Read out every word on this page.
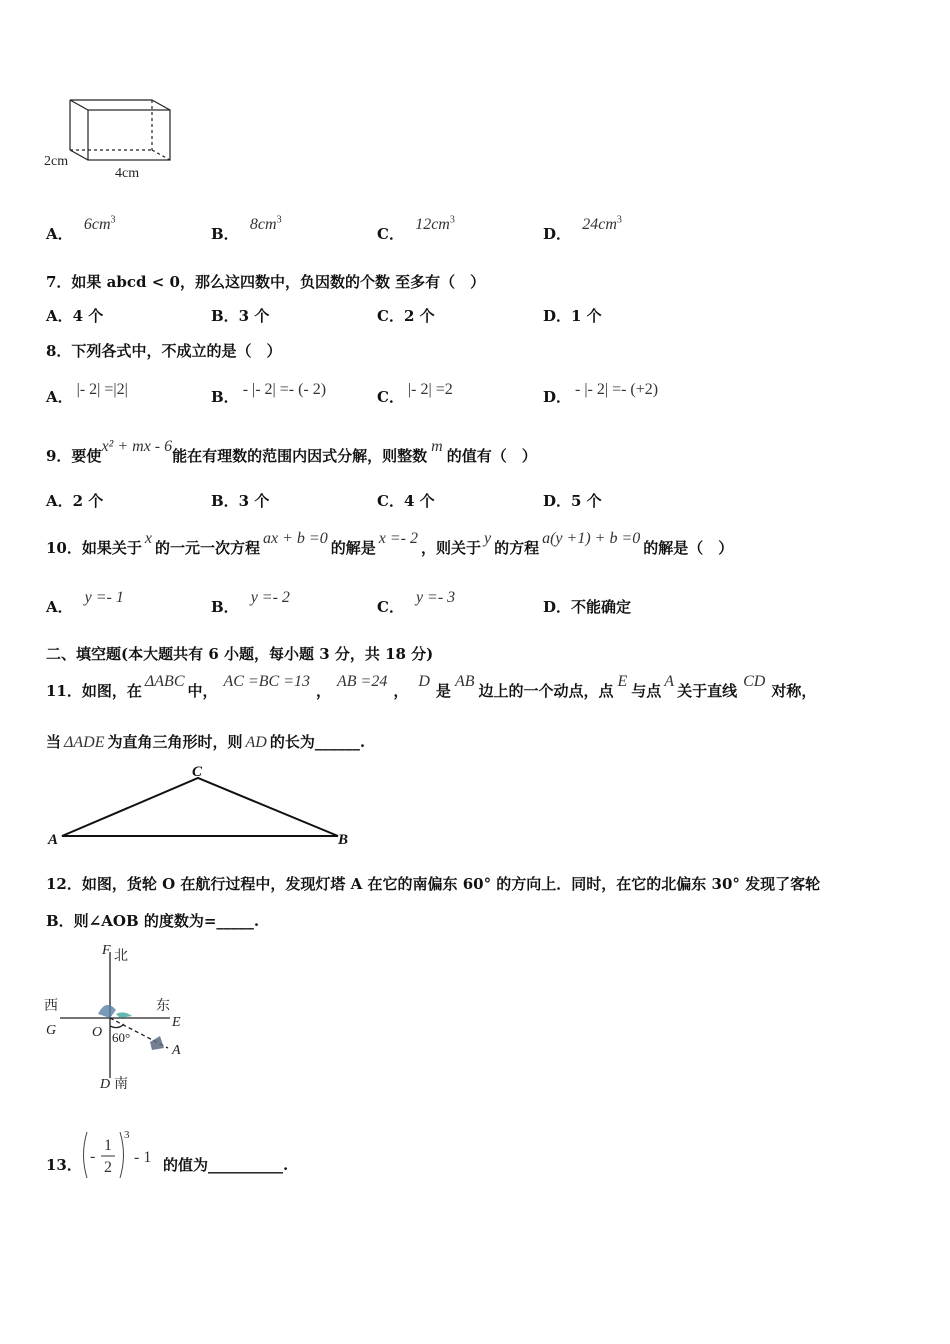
2cm
4cm
A． $6cm^3$
B． $8cm^3$
C． $12cm^3$
D． $24cm^3$
7．如果 abcd < 0，那么这四数中，负因数的个数 至多有（　）
A．4 个	B．3 个	C．2 个	D．1 个
8．下列各式中，不成立的是（　）
A． |- 2| =|2|	B． - |- 2| =- (- 2)	C． |- 2| =2	D． - |- 2| =- (+2)
9．要使x² + mx - 6能在有理数的范围内因式分解，则整数m的值有（　）
A．2 个	B．3 个	C．4 个	D．5 个
10．如果关于x的一元一次方程ax + b =0的解是x =- 2，则关于y的方程a(y +1) + b =0的解是（　）
A．y =- 1
B．y =- 2
C．y =- 3
D．不能确定
二、填空题(本大题共有 6 小题，每小题 3 分，共 18 分)
11．如图，在ΔABC中，AC =BC =13，AB =24，D是AB边上的一个动点，点E与点A关于直线CD对称，
当 ΔADE 为直角三角形时，则 AD 的长为______.
C
A	B
12．如图，货轮 O 在航行过程中，发现灯塔 A 在它的南偏东 60° 的方向上．同时，在它的北偏东 30° 发现了客轮
B．则∠AOB 的度数为=_____.
F 北
西
G
东
E
O 60°
A
D 南
13． -
1
2
3
- 1 的值为__________.
